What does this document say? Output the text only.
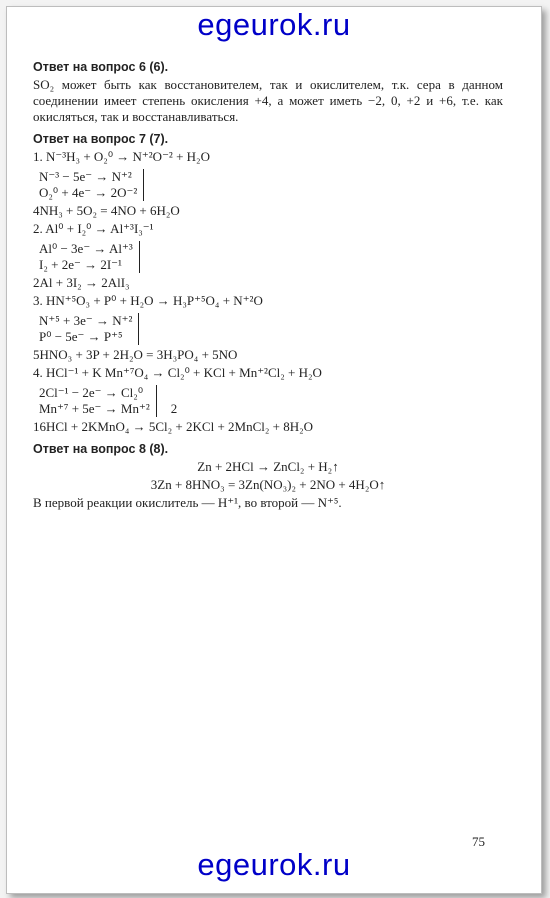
egeurok.ru
Ответ на вопрос 6 (6).
SO₂ может быть как восстановителем, так и окислителем, т.к. сера в данном соединении имеет степень окисления +4, а может иметь −2, 0, +2 и +6, т.е. как окисляться, так и восстанавливаться.
Ответ на вопрос 7 (7).
1. N⁻³H₃ + O₂⁰ → N⁺²O⁻² + H₂O
N⁻³ − 5e⁻ → N⁺²
O₂⁰ + 4e⁻ → 2O⁻²
4NH₃ + 5O₂ = 4NO + 6H₂O
2. Al⁰ + I₂⁰ → Al⁺³I₃⁻¹
Al⁰ − 3e⁻ → Al⁺³
I₂ + 2e⁻ → 2I⁻¹
2Al + 3I₂ → 2AlI₃
3. HN⁺⁵O₃ + P⁰ + H₂O → H₃P⁺⁵O₄ + N⁺²O
N⁺⁵ + 3e⁻ → N⁺²
P⁰ − 5e⁻ → P⁺⁵
5HNO₃ + 3P + 2H₂O = 3H₃PO₄ + 5NO
4. HCl⁻¹ + K Mn⁺⁷O₄ → Cl₂⁰ + KCl + Mn⁺²Cl₂ + H₂O
2Cl⁻¹ − 2e⁻ → Cl₂⁰
Mn⁺⁷ + 5e⁻ → Mn⁺²	2
16HCl + 2KMnO₄ → 5Cl₂ + 2KCl + 2MnCl₂ + 8H₂O
Ответ на вопрос 8 (8).
Zn + 2HCl → ZnCl₂ + H₂↑
3Zn + 8HNO₃ = 3Zn(NO₃)₂ + 2NO + 4H₂O↑
В первой реакции окислитель — H⁺¹, во второй — N⁺⁵.
75
egeurok.ru
